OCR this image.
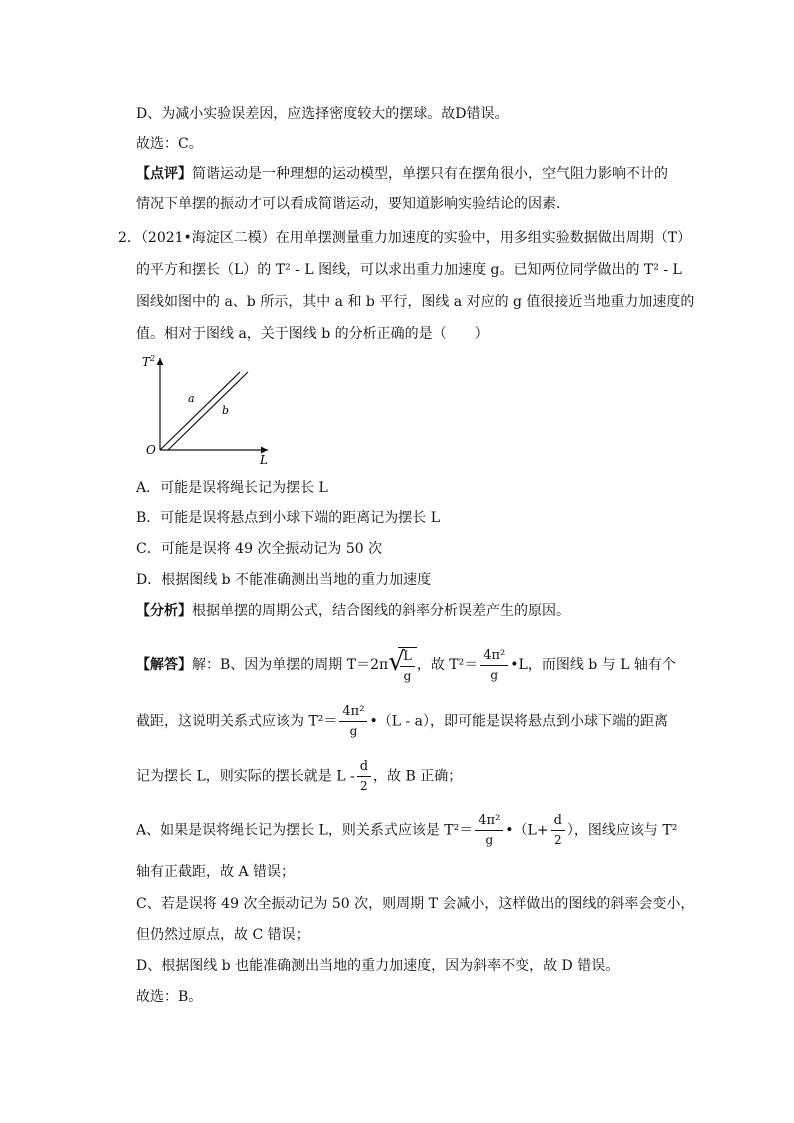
D、为减小实验误差因，应选择密度较大的摆球。故D错误。
故选：C。
【点评】简谐运动是一种理想的运动模型，单摆只有在摆角很小，空气阻力影响不计的
情况下单摆的振动才可以看成简谐运动，要知道影响实验结论的因素．
2．（2021•海淀区二模）在用单摆测量重力加速度的实验中，用多组实验数据做出周期（T）
的平方和摆长（L）的 T² - L 图线，可以求出重力加速度 g。已知两位同学做出的 T² - L
图线如图中的 a、b 所示，其中 a 和 b 平行，图线 a 对应的 g 值很接近当地重力加速度的
值。相对于图线 a，关于图线 b 的分析正确的是（　　）
$T^2$
L
O
a
b
A．可能是误将绳长记为摆长 L
B．可能是误将悬点到小球下端的距离记为摆长 L
C．可能是误将 49 次全振动记为 50 次
D．根据图线 b 不能准确测出当地的重力加速度
【分析】根据单摆的周期公式，结合图线的斜率分析误差产生的原因。
【解答】解：B、因为单摆的周期 T＝2π √
$\frac{L}{g}$ ，故 $T^2= \frac{\text{4π²}}{g}$ •L，而图线 b 与 L 轴有个
截距，这说明关系式应该为 $T^2= \frac{\text{4π²}}{g}$ •（L - a），即可能是误将悬点到小球下端的距离
记为摆长 L，则实际的摆长就是 L - $\frac{d}{2}$ ，故 B 正确；
A、如果是误将绳长记为摆长 L，则关系式应该是 $T^2= \frac{\text{4π²}}{g}$ •（L+ $\frac{d}{2}$ ），图线应该与 T²
轴有正截距，故 A 错误；
C、若是误将 49 次全振动记为 50 次，则周期 T 会减小，这样做出的图线的斜率会变小，
但仍然过原点，故 C 错误；
D、根据图线 b 也能准确测出当地的重力加速度，因为斜率不变，故 D 错误。
故选：B。
